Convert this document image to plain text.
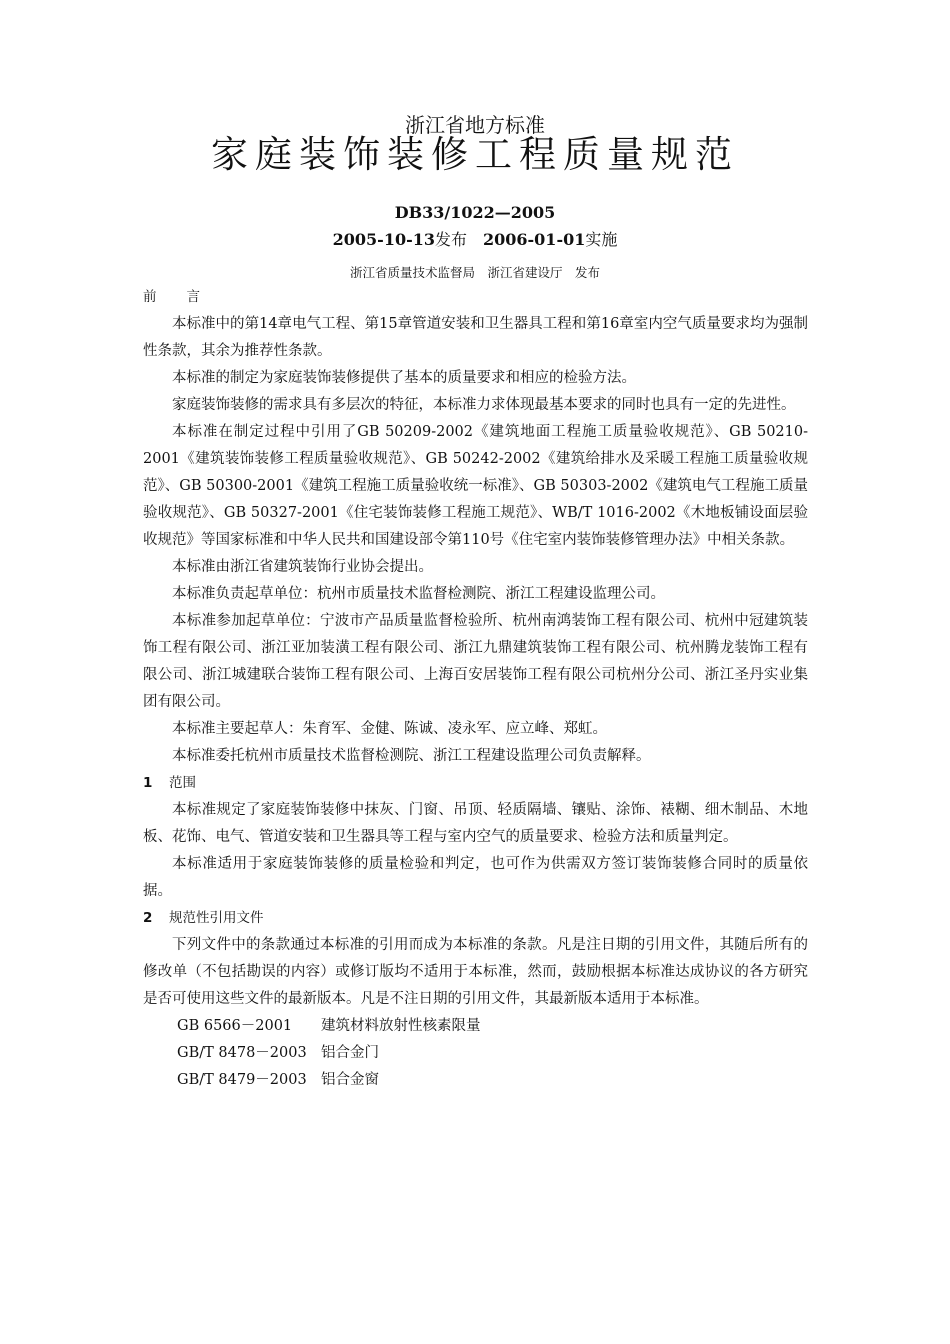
浙江省地方标准
家庭装饰装修工程质量规范
DB33/1022—2005
2005-10-13发布 2006-01-01实施
浙江省质量技术监督局　浙江省建设厅　发布
前言

本标准中的第14章电气工程、第15章管道安装和卫生器具工程和第16章室内空气质量要求均为强制性条款，其余为推荐性条款。

本标准的制定为家庭装饰装修提供了基本的质量要求和相应的检验方法。

家庭装饰装修的需求具有多层次的特征，本标准力求体现最基本要求的同时也具有一定的先进性。

本标准在制定过程中引用了GB 50209-2002《建筑地面工程施工质量验收规范》、GB 50210-2001《建筑装饰装修工程质量验收规范》、GB 50242-2002《建筑给排水及采暖工程施工质量验收规范》、GB 50300-2001《建筑工程施工质量验收统一标准》、GB 50303-2002《建筑电气工程施工质量验收规范》、GB 50327-2001《住宅装饰装修工程施工规范》、WB/T 1016-2002《木地板铺设面层验收规范》等国家标准和中华人民共和国建设部令第110号《住宅室内装饰装修管理办法》中相关条款。

本标准由浙江省建筑装饰行业协会提出。

本标准负责起草单位：杭州市质量技术监督检测院、浙江工程建设监理公司。

本标准参加起草单位：宁波市产品质量监督检验所、杭州南鸿装饰工程有限公司、杭州中冠建筑装饰工程有限公司、浙江亚加装潢工程有限公司、浙江九鼎建筑装饰工程有限公司、杭州腾龙装饰工程有限公司、浙江城建联合装饰工程有限公司、上海百安居装饰工程有限公司杭州分公司、浙江圣丹实业集团有限公司。

本标准主要起草人：朱育军、金健、陈诚、凌永军、应立峰、郑虹。

本标准委托杭州市质量技术监督检测院、浙江工程建设监理公司负责解释。

1 范围

本标准规定了家庭装饰装修中抹灰、门窗、吊顶、轻质隔墙、镶贴、涂饰、裱糊、细木制品、木地板、花饰、电气、管道安装和卫生器具等工程与室内空气的质量要求、检验方法和质量判定。

本标准适用于家庭装饰装修的质量检验和判定，也可作为供需双方签订装饰装修合同时的质量依据。

2 规范性引用文件

下列文件中的条款通过本标准的引用而成为本标准的条款。凡是注日期的引用文件，其随后所有的修改单（不包括勘误的内容）或修订版均不适用于本标准，然而，鼓励根据本标准达成协议的各方研究是否可使用这些文件的最新版本。凡是不注日期的引用文件，其最新版本适用于本标准。

GB 6566－2001 建筑材料放射性核素限量
GB/T 8478－2003 铝合金门
GB/T 8479－2003 铝合金窗
